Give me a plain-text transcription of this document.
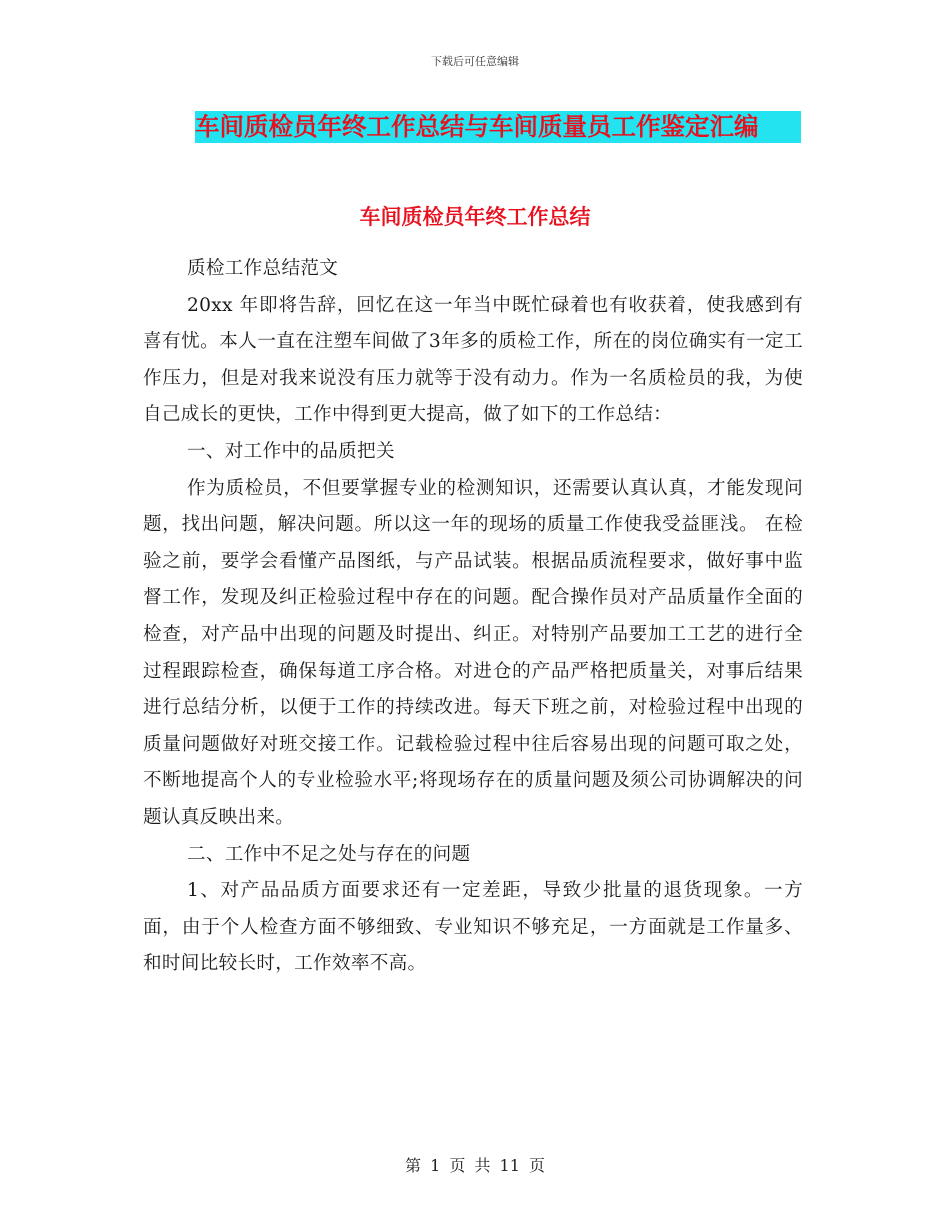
下载后可任意编辑
车间质检员年终工作总结与车间质量员工作鉴定汇编
车间质检员年终工作总结

质检工作总结范文

20xx 年即将告辞，回忆在这一年当中既忙碌着也有收获着，使我感到有喜有忧。本人一直在注塑车间做了3年多的质检工作，所在的岗位确实有一定工作压力，但是对我来说没有压力就等于没有动力。作为一名质检员的我，为使自己成长的更快，工作中得到更大提高，做了如下的工作总结：

一、对工作中的品质把关

作为质检员，不但要掌握专业的检测知识，还需要认真认真，才能发现问题，找出问题，解决问题。所以这一年的现场的质量工作使我受益匪浅。 在检验之前，要学会看懂产品图纸，与产品试装。根据品质流程要求，做好事中监督工作，发现及纠正检验过程中存在的问题。配合操作员对产品质量作全面的检查，对产品中出现的问题及时提出、纠正。对特别产品要加工工艺的进行全过程跟踪检查，确保每道工序合格。对进仓的产品严格把质量关，对事后结果进行总结分析，以便于工作的持续改进。每天下班之前，对检验过程中出现的质量问题做好对班交接工作。记载检验过程中往后容易出现的问题可取之处，不断地提高个人的专业检验水平;将现场存在的质量问题及须公司协调解决的问题认真反映出来。

二、工作中不足之处与存在的问题

1、对产品品质方面要求还有一定差距，导致少批量的退货现象。一方面，由于个人检查方面不够细致、专业知识不够充足，一方面就是工作量多、和时间比较长时，工作效率不高。

第 1 页 共 11 页
